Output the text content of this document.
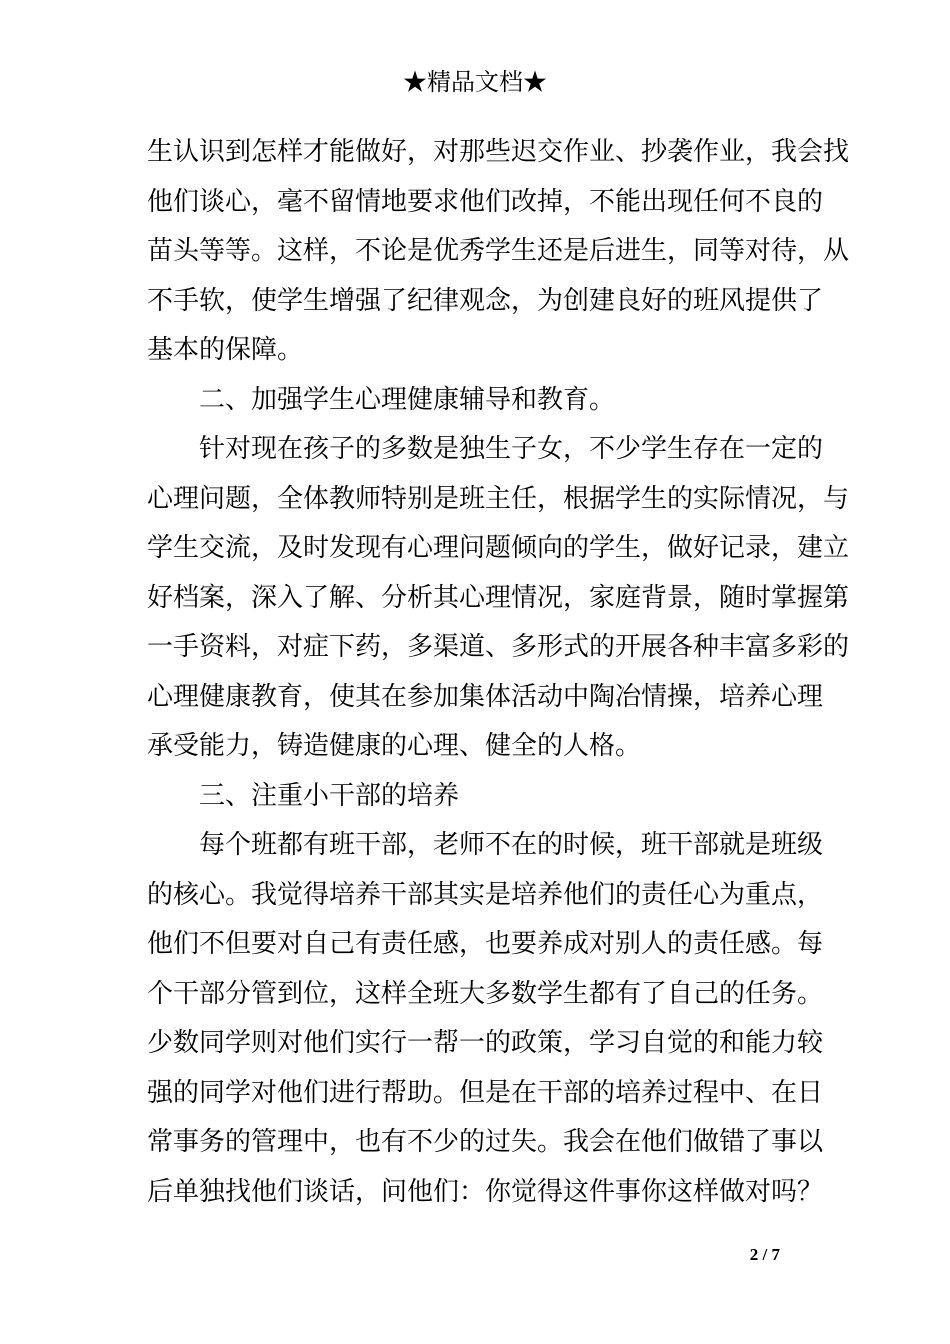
★精品文档★
生认识到怎样才能做好，对那些迟交作业、抄袭作业，我会找
他们谈心，毫不留情地要求他们改掉，不能出现任何不良的
苗头等等。这样，不论是优秀学生还是后进生，同等对待，从
不手软，使学生增强了纪律观念，为创建良好的班风提供了
基本的保障。
二、加强学生心理健康辅导和教育。
针对现在孩子的多数是独生子女，不少学生存在一定的
心理问题，全体教师特别是班主任，根据学生的实际情况，与
学生交流，及时发现有心理问题倾向的学生，做好记录，建立
好档案，深入了解、分析其心理情况，家庭背景，随时掌握第
一手资料，对症下药，多渠道、多形式的开展各种丰富多彩的
心理健康教育，使其在参加集体活动中陶冶情操，培养心理
承受能力，铸造健康的心理、健全的人格。
三、注重小干部的培养
每个班都有班干部，老师不在的时候，班干部就是班级
的核心。我觉得培养干部其实是培养他们的责任心为重点，
他们不但要对自己有责任感，也要养成对别人的责任感。每
个干部分管到位，这样全班大多数学生都有了自己的任务。
少数同学则对他们实行一帮一的政策，学习自觉的和能力较
强的同学对他们进行帮助。但是在干部的培养过程中、在日
常事务的管理中，也有不少的过失。我会在他们做错了事以
后单独找他们谈话，问他们：你觉得这件事你这样做对吗？
2 / 7
